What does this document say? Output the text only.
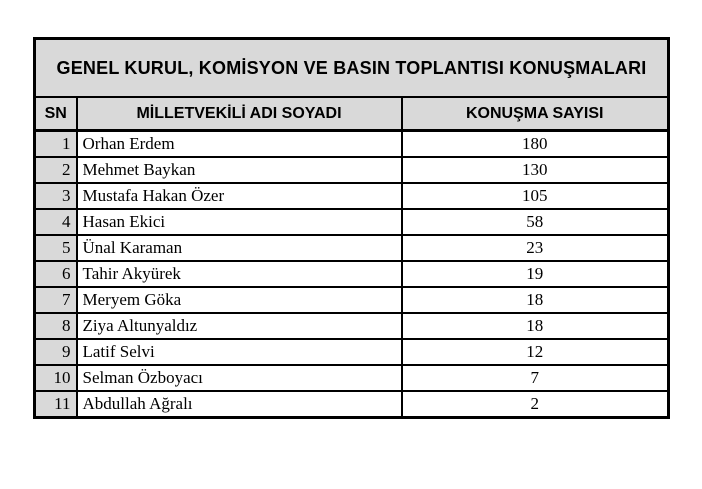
GENEL KURUL, KOMİSYON VE BASIN TOPLANTISI KONUŞMALARI		
SN	MİLLETVEKİLİ ADI SOYADI	KONUŞMA SAYISI
1	Orhan Erdem	180
2	Mehmet Baykan	130
3	Mustafa Hakan Özer	105
4	Hasan Ekici	58
5	Ünal Karaman	23
6	Tahir Akyürek	19
7	Meryem Göka	18
8	Ziya Altunyaldız	18
9	Latif Selvi	12
10	Selman Özboyacı	7
11	Abdullah Ağralı	2
